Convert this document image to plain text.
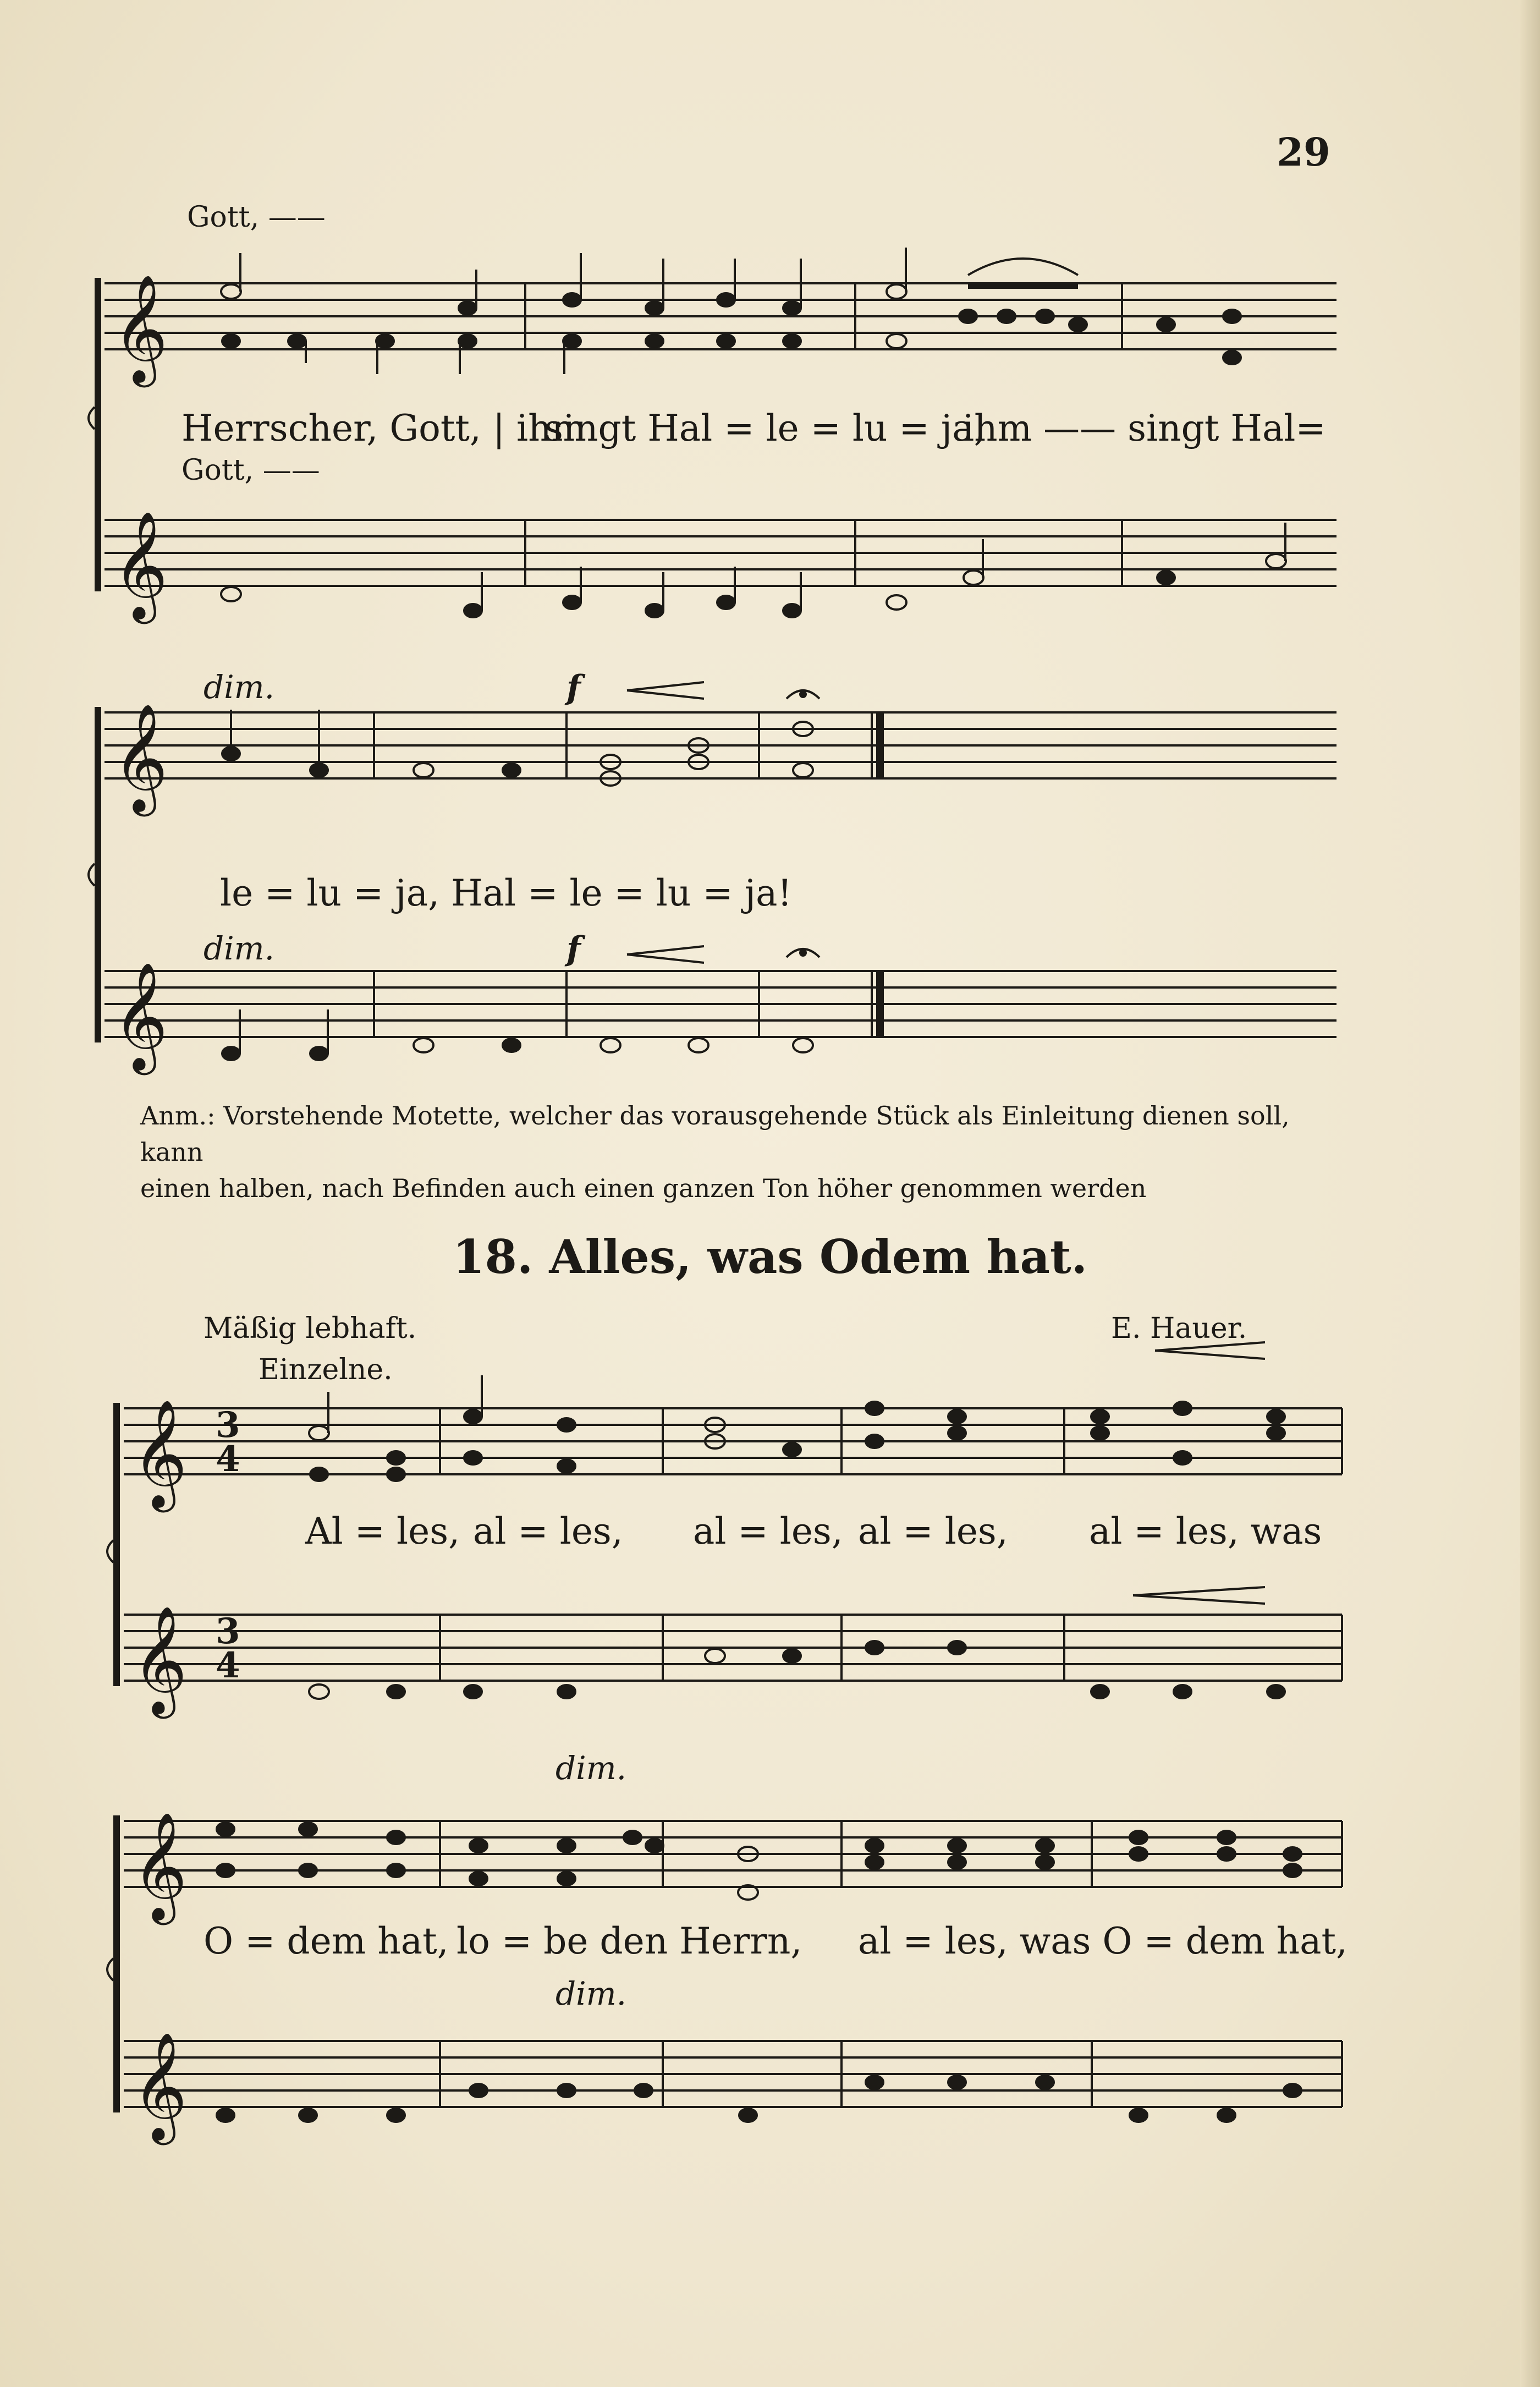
29
𝄞
𝄞
𝄞
𝄞
𝄞
𝄞
𝄞
𝄞
3
4
3
4
Gott, ——
Herrscher, Gott, | ihm
singt Hal = le = lu = ja,
ihm —— singt Hal=
Gott, ——
dim.	f
le = lu = ja, Hal = le = lu = ja!
dim.	f
Anm.: Vorstehende Motette, welcher das vorausgehende Stück als Einleitung dienen soll, kann
einen halben, nach Befinden auch einen ganzen Ton höher genommen werden
18. Alles, was Odem hat.
Mäßig lebhaft.
Einzelne.
E. Hauer.
Al = les, al = les, al = les, al = les, al = les, was
dim.
O = dem hat, lo = be den Herrn, al = les, was O = dem hat,
dim.
